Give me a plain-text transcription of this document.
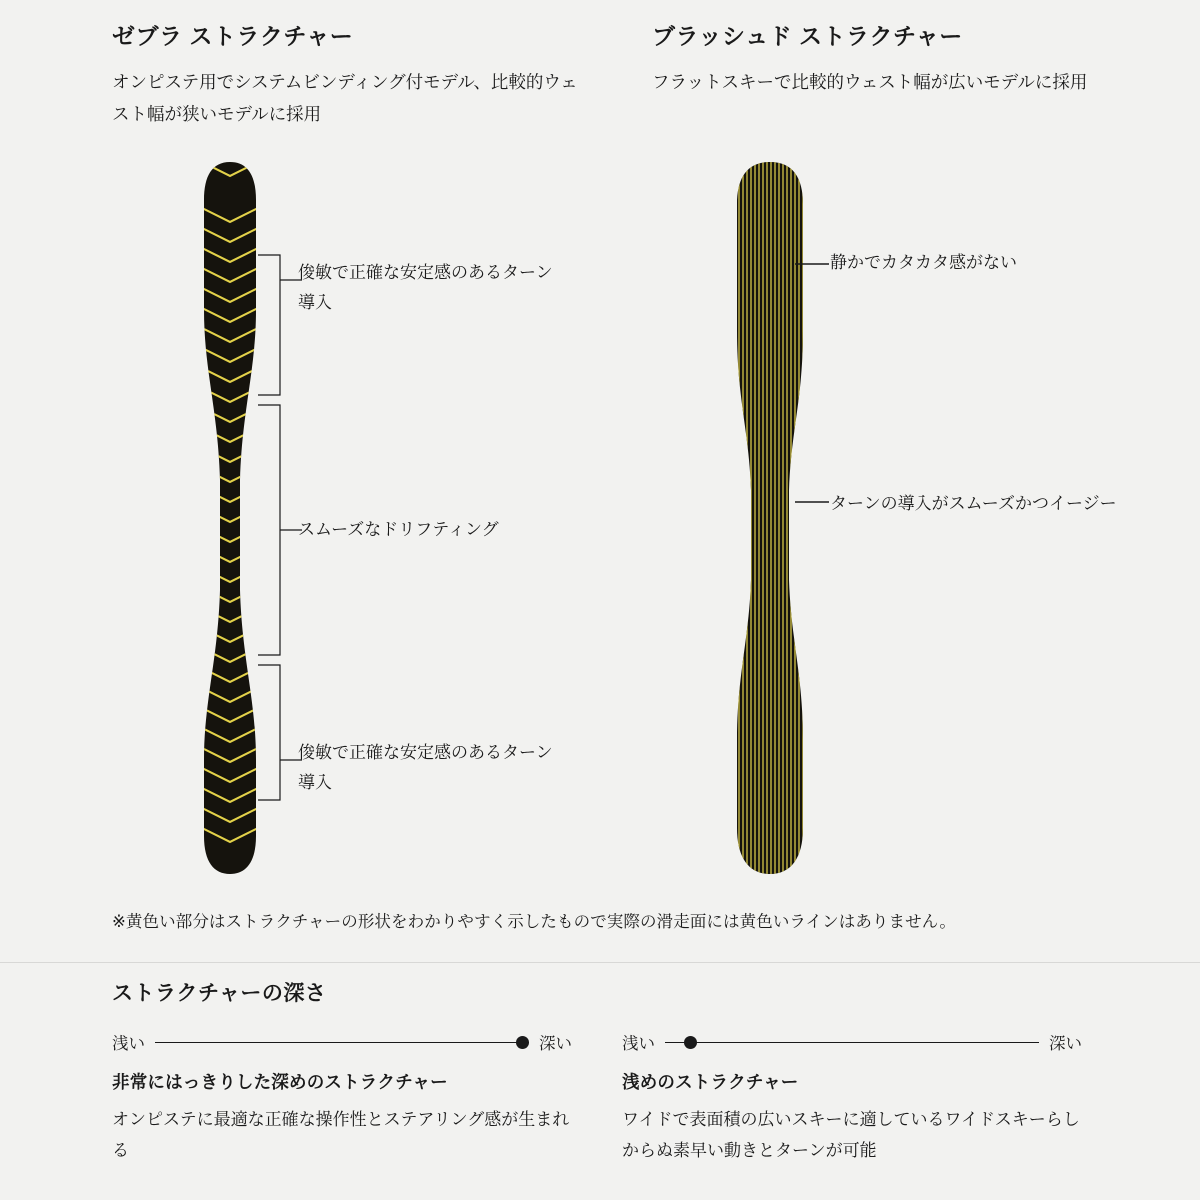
ゼブラ ストラクチャー

オンピステ用でシステムビンディング付モデル、比較的ウェスト幅が狭いモデルに採用

ブラッシュド ストラクチャー

フラットスキーで比較的ウェスト幅が広いモデルに採用

俊敏で正確な安定感のあるターン導入
スムーズなドリフティング
俊敏で正確な安定感のあるターン導入
静かでカタカタ感がない
ターンの導入がスムーズかつイージー
※黄色い部分はストラクチャーの形状をわかりやすく示したもので実際の滑走面には黄色いラインはありません。
ストラクチャーの深さ
浅い	深い
非常にはっきりした深めのストラクチャー

オンピステに最適な正確な操作性とステアリング感が生まれる

浅い	深い
浅めのストラクチャー

ワイドで表面積の広いスキーに適しているワイドスキーらしからぬ素早い動きとターンが可能
